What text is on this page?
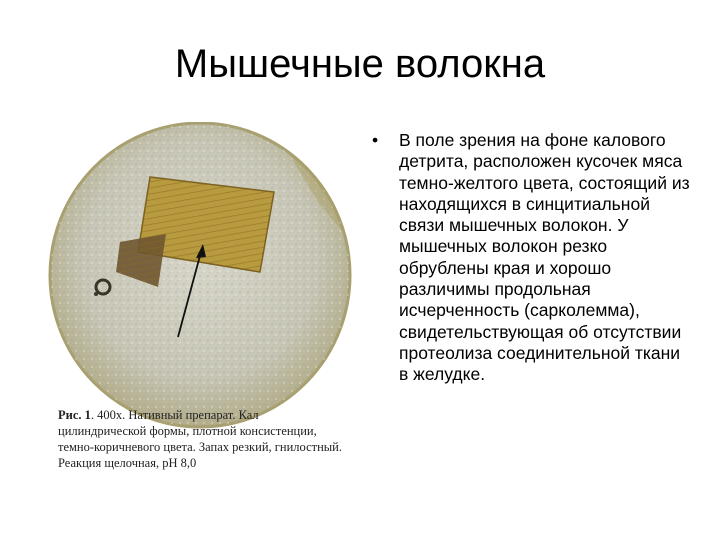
Мышечные волокна
Рис. 1. 400х. Нативный препарат. Кал цилиндрической формы, плотной консистенции, темно-коричневого цвета. Запах резкий, гнилостный. Реакция щелочная, рН 8,0
• В поле зрения на фоне калового детрита, расположен кусочек мяса темно-желтого цвета, состоящий из находящихся в синцитиальной связи мышечных волокон. У мышечных волокон резко обрублены края и хорошо различимы продольная исчерченность (сарколемма), свидетельствующая об отсутствии протеолиза соединительной ткани в желудке.
